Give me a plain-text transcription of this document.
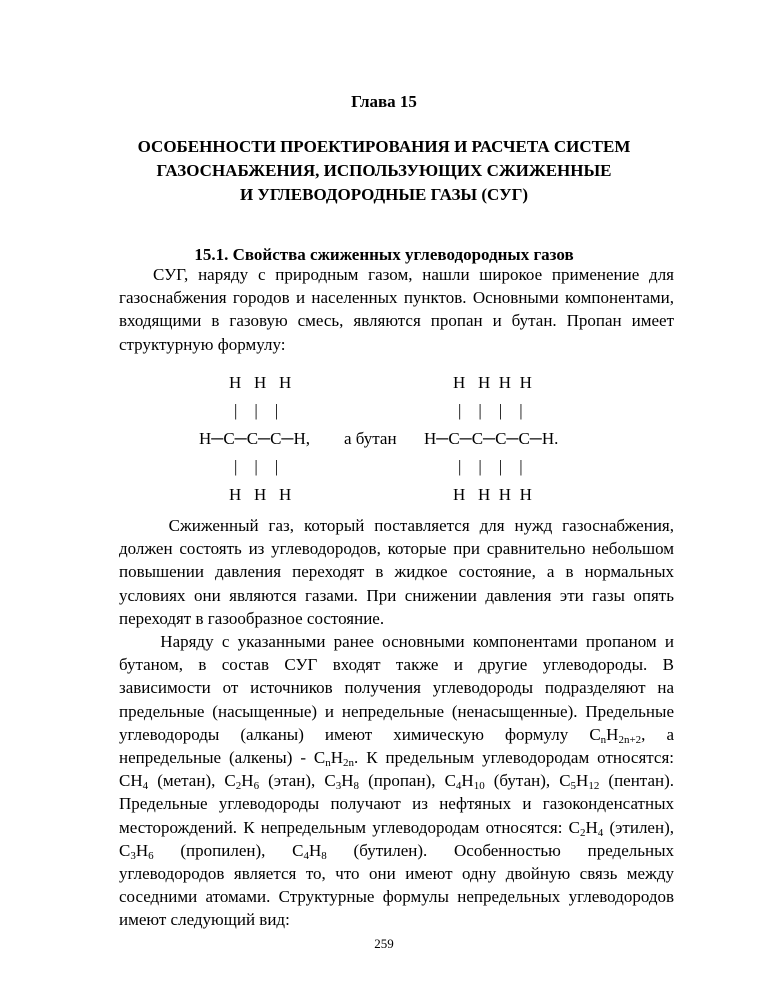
Глава 15
ОСОБЕННОСТИ ПРОЕКТИРОВАНИЯ И РАСЧЕТА СИСТЕМ
ГАЗОСНАБЖЕНИЯ, ИСПОЛЬЗУЮЩИХ СЖИЖЕННЫЕ
И УГЛЕВОДОРОДНЫЕ ГАЗЫ (СУГ)
15.1. Свойства сжиженных углеводородных газов
СУГ, наряду с природным газом, нашли широкое применение для
газоснабжения городов и населенных пунктов. Основными компонентами,
входящими в газовую смесь, являются пропан и бутан. Пропан имеет
структурную формулу:
H   H   H
|    |    |
H─C─C─C─H,
|    |    |
H   H   H
а бутан
H   H  H  H
|    |    |    |
H─C─C─C─C─H.
|    |    |    |
H   H  H  H
Сжиженный газ, который поставляется для нужд газоснабжения,
должен состоять из углеводородов, которые при сравнительно небольшом
повышении давления переходят в жидкое состояние, а в нормальных
условиях они являются газами. При снижении давления эти газы опять
переходят в газообразное состояние.
Наряду с указанными ранее основными компонентами пропаном и
бутаном, в состав СУГ входят также и другие углеводороды. В
зависимости от источников получения углеводороды подразделяют на
предельные (насыщенные) и непредельные (ненасыщенные). Предельные
углеводороды (алканы) имеют химическую формулу $C_nH_{2n+2}$, а
непредельные (алкены) - $C_nH_{2n}$. К предельным углеводородам относятся:
$CH_4$ (метан), $C_2H_6$ (этан), $C_3H_8$ (пропан), $C_4H_{10}$ (бутан), $C_5H_{12}$ (пентан).
Предельные углеводороды получают из нефтяных и газоконденсатных
месторождений. К непредельным углеводородам относятся: $C_2H_4$ (этилен),
$C_3H_6$ (пропилен), $C_4H_8$ (бутилен). Особенностью предельных
углеводородов является то, что они имеют одну двойную связь между
соседними атомами. Структурные формулы непредельных углеводородов
имеют следующий вид:
259
